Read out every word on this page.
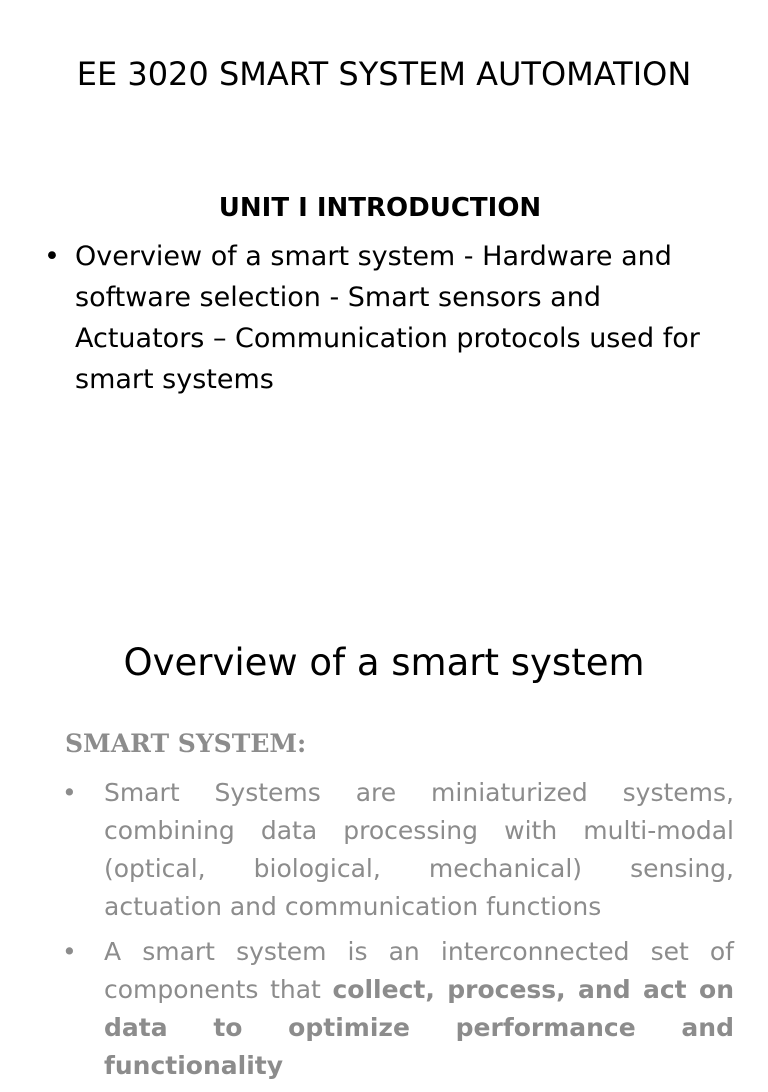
EE 3020 SMART SYSTEM AUTOMATION
UNIT I INTRODUCTION
• Overview of a smart system - Hardware and software selection - Smart sensors and Actuators – Communication protocols used for smart systems
Overview of a smart system
SMART SYSTEM:
• Smart Systems are miniaturized systems, combining data processing with multi-modal (optical, biological, mechanical) sensing, actuation and communication functions
• A smart system is an interconnected set of components that collect, process, and act on data to optimize performance and functionality
